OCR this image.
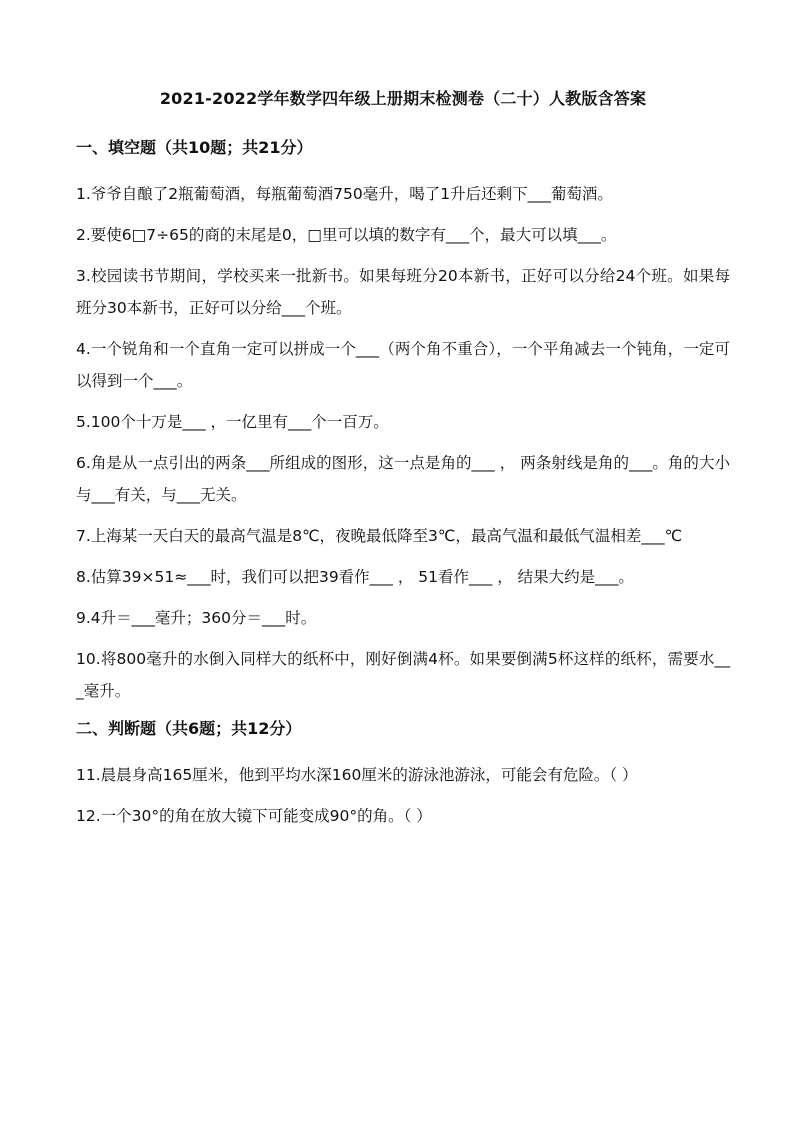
2021-2022学年数学四年级上册期末检测卷（二十）人教版含答案
一、填空题（共10题；共21分）
1.爷爷自酿了2瓶葡萄酒，每瓶葡萄酒750毫升，喝了1升后还剩下___葡萄酒。
2.要使6□7÷65的商的末尾是0，□里可以填的数字有___个，最大可以填___。
3.校园读书节期间，学校买来一批新书。如果每班分20本新书，正好可以分给24个班。如果每班分30本新书，正好可以分给___个班。
4.一个锐角和一个直角一定可以拼成一个___（两个角不重合），一个平角减去一个钝角，一定可以得到一个___。
5.100个十万是___ ，一亿里有___个一百万。
6.角是从一点引出的两条___所组成的图形，这一点是角的___ ， 两条射线是角的___。角的大小与___有关，与___无关。
7.上海某一天白天的最高气温是8℃，夜晚最低降至3℃，最高气温和最低气温相差___℃
8.估算39×51≈___时，我们可以把39看作___ ， 51看作___ ， 结果大约是___。
9.4升＝___毫升；360分＝___时。
10.将800毫升的水倒入同样大的纸杯中，刚好倒满4杯。如果要倒满5杯这样的纸杯，需要水___毫升。
二、判断题（共6题；共12分）
11.晨晨身高165厘米，他到平均水深160厘米的游泳池游泳，可能会有危险。（ ）
12.一个30°的角在放大镜下可能变成90°的角。（ ）
